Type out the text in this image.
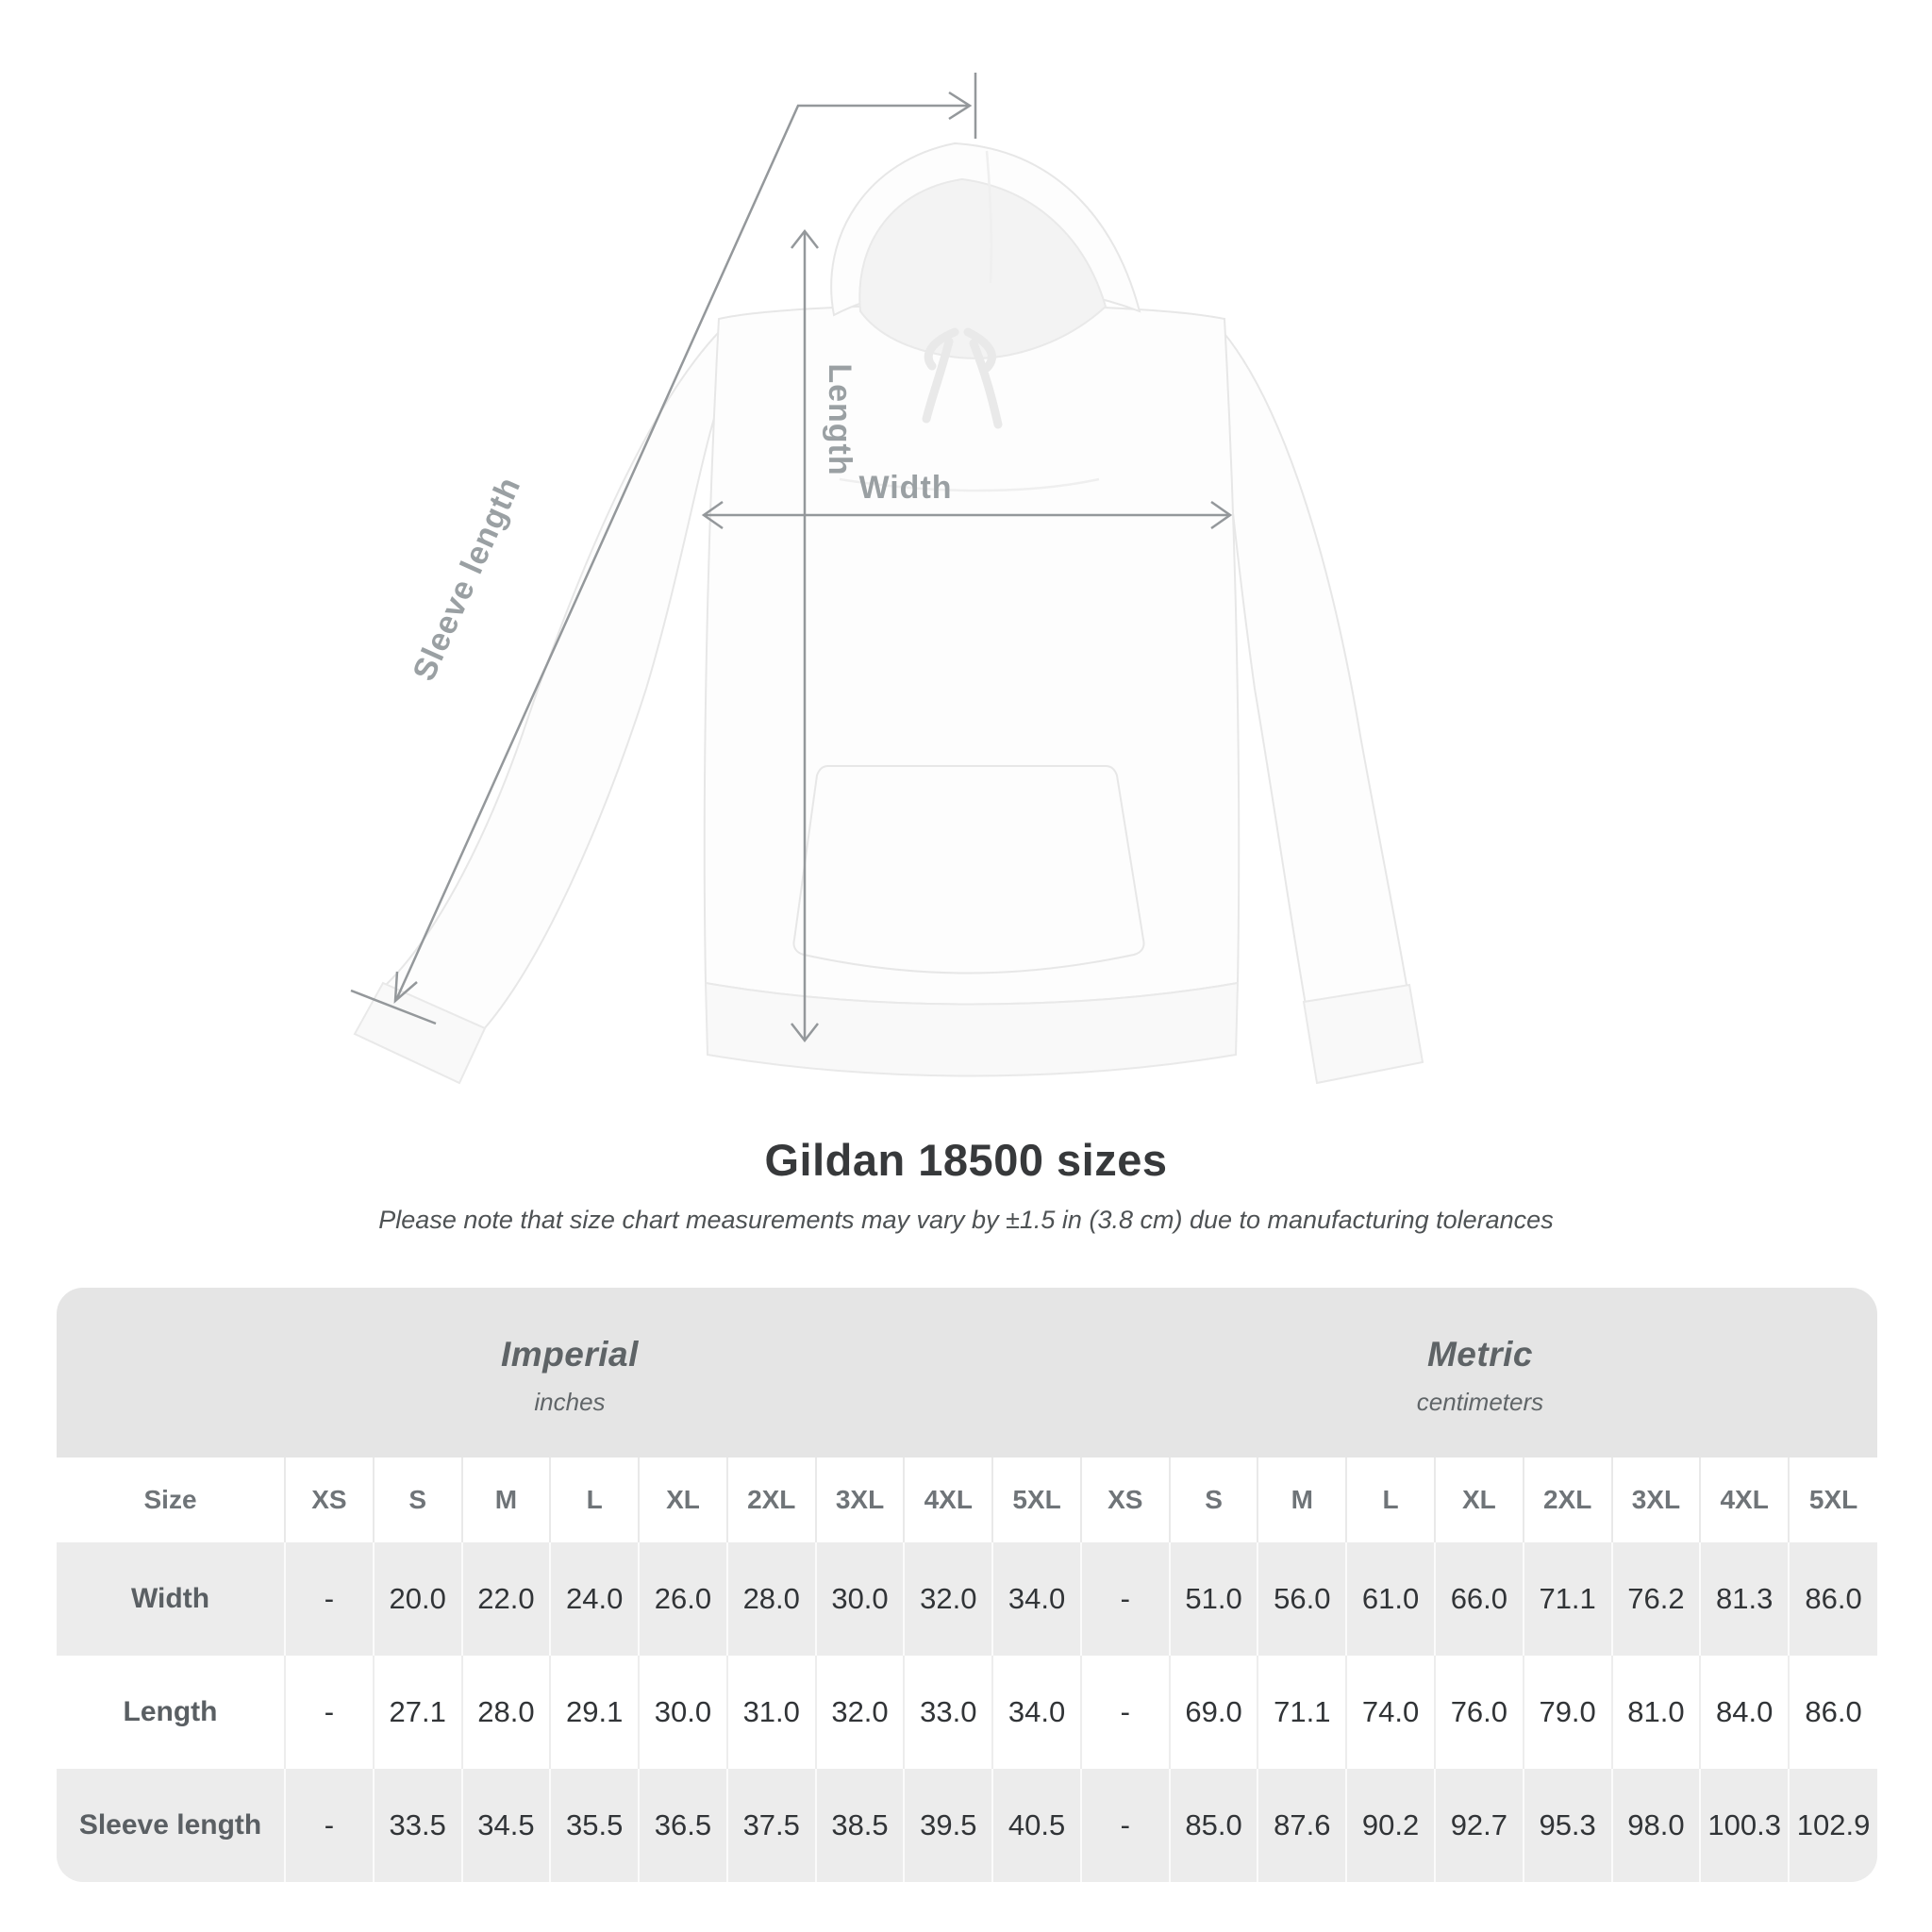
Length
Width
Sleeve length
Gildan 18500 sizes
Please note that size chart measurements may vary by ±1.5 in (3.8 cm) due to manufacturing tolerances
Imperial
inches
Metric
centimeters
Size	XS	S	M	L	XL	2XL	3XL	4XL	5XL	XS	S	M	L	XL	2XL	3XL	4XL	5XL
Width	-	20.0	22.0	24.0	26.0	28.0	30.0	32.0	34.0	-	51.0	56.0	61.0	66.0	71.1	76.2	81.3	86.0
Length	-	27.1	28.0	29.1	30.0	31.0	32.0	33.0	34.0	-	69.0	71.1	74.0	76.0	79.0	81.0	84.0	86.0
Sleeve length	-	33.5	34.5	35.5	36.5	37.5	38.5	39.5	40.5	-	85.0	87.6	90.2	92.7	95.3	98.0	100.3	102.9
